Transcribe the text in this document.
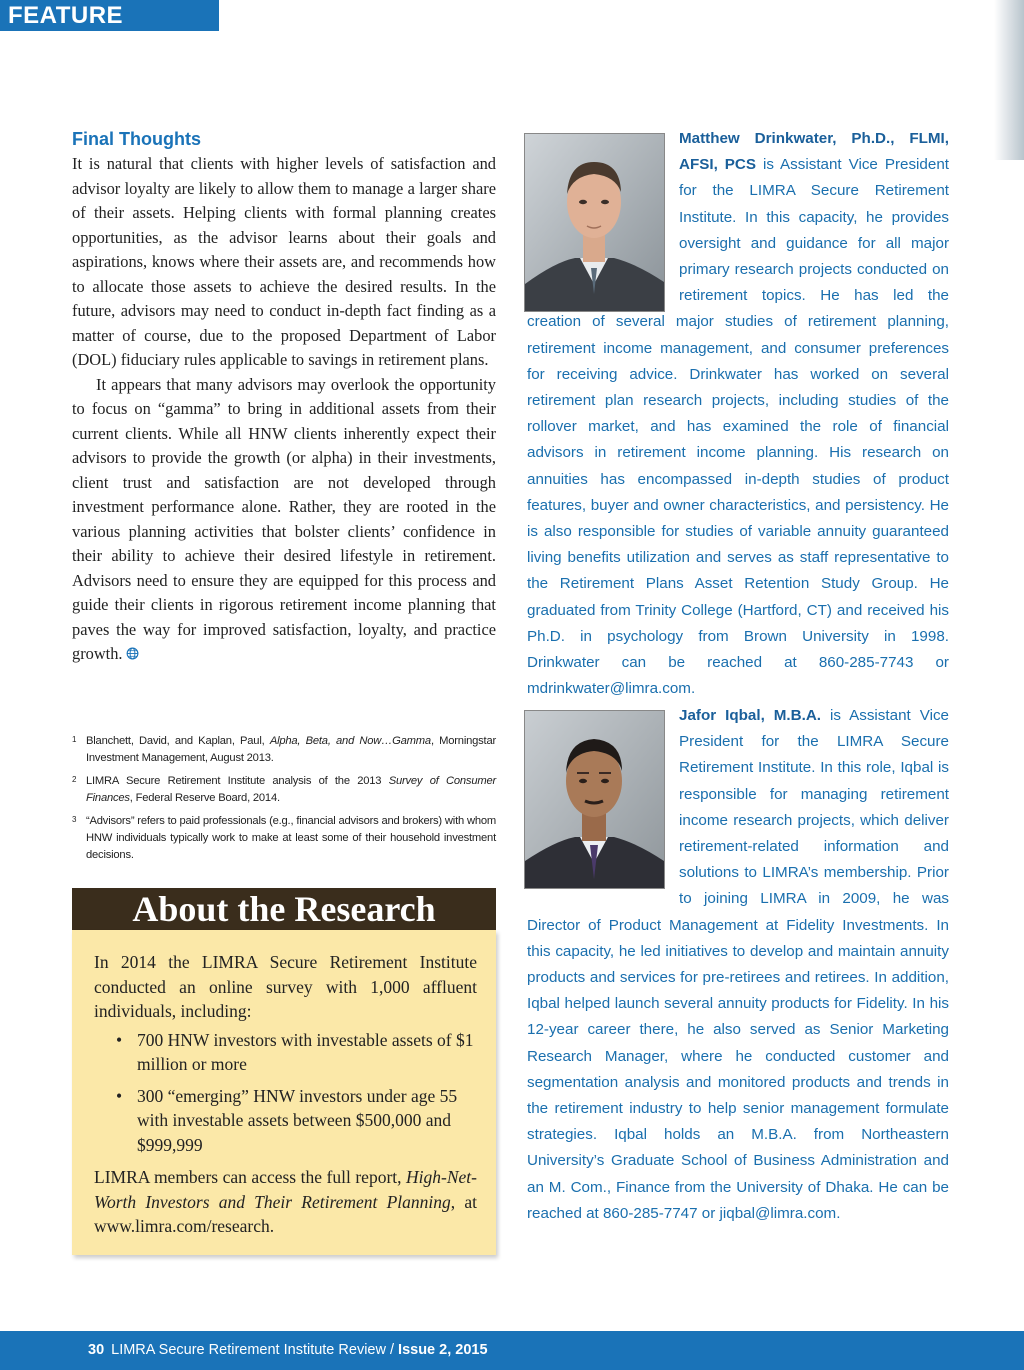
FEATURE
Final Thoughts

It is natural that clients with higher levels of satisfaction and advisor loyalty are likely to allow them to manage a larger share of their assets. Helping clients with formal planning creates opportunities, as the advisor learns about their goals and aspirations, knows where their assets are, and recommends how to allocate those assets to achieve the desired results. In the future, advisors may need to conduct in-depth fact finding as a matter of course, due to the proposed Department of Labor (DOL) fiduciary rules applicable to savings in retirement plans.

It appears that many advisors may overlook the opportunity to focus on “gamma” to bring in additional assets from their current clients. While all HNW clients inherently expect their advisors to provide the growth (or alpha) in their investments, client trust and satisfaction are not developed through investment performance alone. Rather, they are rooted in the various planning activities that bolster clients’ confidence in their ability to achieve their desired lifestyle in retirement. Advisors need to ensure they are equipped for this process and guide their clients in rigorous retirement income planning that paves the way for improved satisfaction, loyalty, and practice growth.

1 Blanchett, David, and Kaplan, Paul, Alpha, Beta, and Now…Gamma, Morningstar Investment Management, August 2013.
2 LIMRA Secure Retirement Institute analysis of the 2013 Survey of Consumer Finances, Federal Reserve Board, 2014.
3 “Advisors” refers to paid professionals (e.g., financial advisors and brokers) with whom HNW individuals typically work to make at least some of their household investment decisions.
About the Research

In 2014 the LIMRA Secure Retirement Institute conducted an online survey with 1,000 affluent individuals, including:

• 700 HNW investors with investable assets of $1 million or more
• 300 “emerging” HNW investors under age 55 with investable assets between $500,000 and $999,999

LIMRA members can access the full report, High-Net-Worth Investors and Their Retirement Planning, at www.limra.com/research.

Matthew Drinkwater, Ph.D., FLMI, AFSI, PCS is Assistant Vice President for the LIMRA Secure Retirement Institute. In this capacity, he provides oversight and guidance for all major primary research projects conducted on retirement topics. He has led the creation of several major studies of retirement planning, retirement income management, and consumer preferences for receiving advice. Drinkwater has worked on several retirement plan research projects, including studies of the rollover market, and has examined the role of financial advisors in retirement income planning. His research on annuities has encompassed in-depth studies of product features, buyer and owner characteristics, and persistency. He is also responsible for studies of variable annuity guaranteed living benefits utilization and serves as staff representative to the Retirement Plans Asset Retention Study Group. He graduated from Trinity College (Hartford, CT) and received his Ph.D. in psychology from Brown University in 1998. Drinkwater can be reached at 860-285-7743 or mdrinkwater@limra.com.

Jafor Iqbal, M.B.A. is Assistant Vice President for the LIMRA Secure Retirement Institute. In this role, Iqbal is responsible for managing retirement income research projects, which deliver retirement-related information and solutions to LIMRA’s membership. Prior to joining LIMRA in 2009, he was Director of Product Management at Fidelity Investments. In this capacity, he led initiatives to develop and maintain annuity products and services for pre-retirees and retirees. In addition, Iqbal helped launch several annuity products for Fidelity. In his 12-year career there, he also served as Senior Marketing Research Manager, where he conducted customer and segmentation analysis and monitored products and trends in the retirement industry to help senior management formulate strategies. Iqbal holds an M.B.A. from Northeastern University’s Graduate School of Business Administration and an M. Com., Finance from the University of Dhaka. He can be reached at 860-285-7747 or jiqbal@limra.com.

30 LIMRA Secure Retirement Institute Review / Issue 2, 2015
